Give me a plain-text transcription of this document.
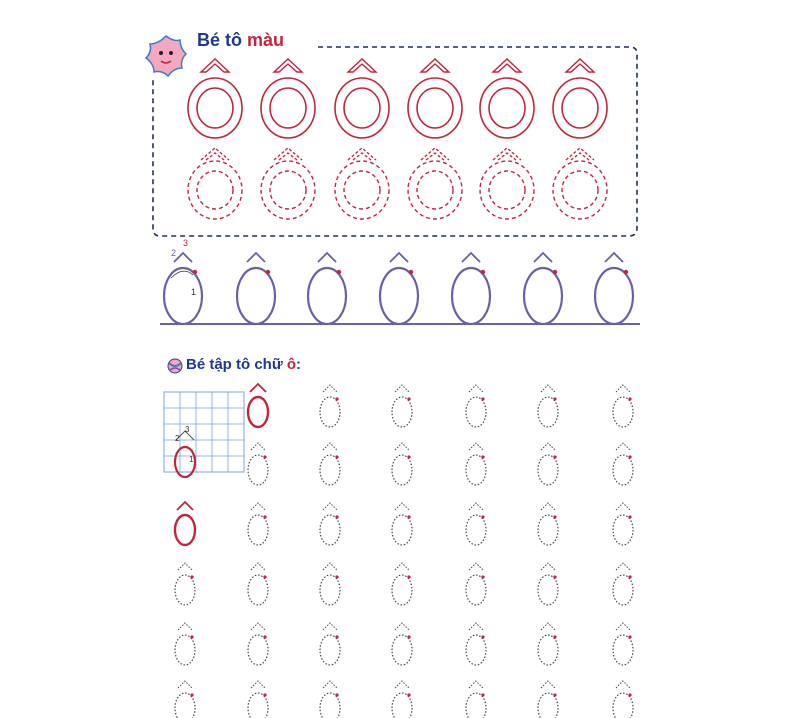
Bé tô màu
Bé tập tô chữ ô:
2
3
1
2
3
1
